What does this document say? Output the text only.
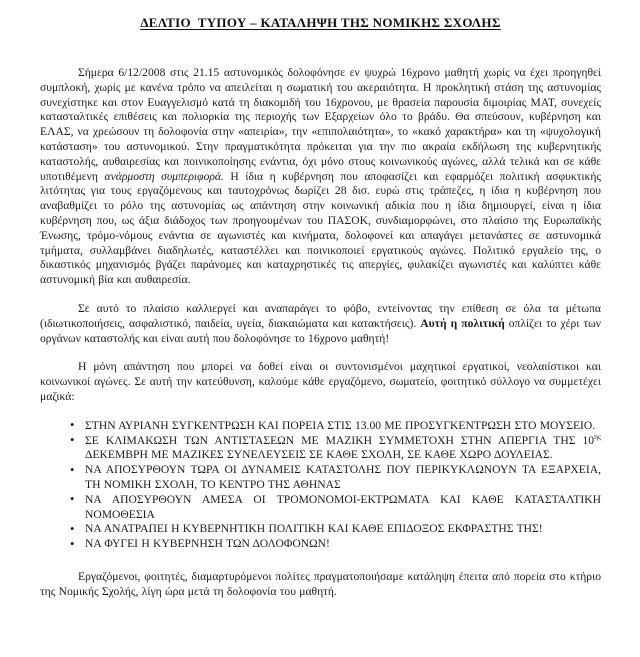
ΔΕΛΤΙΟ  ΤΥΠΟΥ – ΚΑΤΑΛΗΨΗ ΤΗΣ ΝΟΜΙΚΗΣ ΣΧΟΛΗΣ

Σήμερα 6/12/2008 στις 21.15 αστυνομικός δολοφόνησε εν ψυχρώ 16χρονο μαθητή χωρίς να έχει προηγηθεί συμπλοκή, χωρίς με κανένα τρόπο να απειλείται η σωματική του ακεραιότητα. Η προκλητική στάση της αστυνομίας συνεχίστηκε και στον Ευαγγελισμό κατά τη διακομιδή του 16χρονου, με θρασεία παρουσία διμοιρίας ΜΑΤ, συνεχείς κατασταλτικές επιθέσεις και πολιορκία της περιοχής των Εξαρχείων όλο το βράδυ. Θα σπεύσουν, κυβέρνηση και ΕΛΑΣ, να χρεώσουν τη δολοφονία στην «απειρία», την «επιπολαιότητα», το «κακό χαρακτήρα» και τη «ψυχολογική κατάσταση» του αστυνομικού. Στην πραγματικότητα πρόκειται για την πιο ακραία εκδήλωση της κυβερνητικής καταστολής, αυθαιρεσίας και ποινικοποίησης ενάντια, όχι μόνο στους κοινωνικούς αγώνες, αλλά τελικά και σε κάθε υποτιθέμενη ανάρμοστη συμπεριφορά. Η ίδια η κυβέρνηση που αποφασίζει και εφαρμόζει πολιτική ασφυκτικής λιτότητας για τους εργαζόμενους και ταυτοχρόνως δωρίζει 28 δισ. ευρώ στις τράπεζες, η ίδια η κυβέρνηση που αναβαθμίζει το ρόλο της αστυνομίας ως απάντηση στην κοινωνική αδικία που η ίδια δημιουργεί, είναι η ίδια κυβέρνηση που, ως άξια διάδοχος των προηγουμένων του ΠΑΣΟΚ, συνδιαμορφώνει, στο πλαίσιο της Ευρωπαϊκής Ένωσης, τρόμο-νόμους ενάντια σε αγωνιστές και κινήματα, δολοφονεί και απαγάγει μετανάστες σε αστυνομικά τμήματα, συλλαμβάνει διαδηλωτές, καταστέλλει και ποινικοποιεί εργατικούς αγώνες. Πολιτικό εργαλείο της, ο δικαστικός μηχανισμός βγάζει παράνομες και καταχρηστικές τις απεργίες, φυλακίζει αγωνιστές και καλύπτει κάθε αστυνομική βία και αυθαιρεσία.

Σε αυτό το πλαίσιο καλλιεργεί και αναπαράγει το φόβο, εντείνοντας την επίθεση σε όλα τα μέτωπα (ιδιωτικοποιήσεις, ασφαλιστικό, παιδεία, υγεία, διακαιώματα και κατακτήσεις). Αυτή η πολιτική οπλίζει το χέρι των οργάνων καταστολής και είναι αυτή που δολοφόνησε το 16χρονο μαθητή!

Η μόνη απάντηση που μπορεί να δοθεί είναι οι συντονισμένοι μαχητικοί εργατικοί, νεολαιίστικοι και κοινωνικοί αγώνες. Σε αυτή την κατεύθυνση, καλούμε κάθε εργαζόμενο, σωματείο, φοιτητικό σύλλογο να συμμετέχει μαζικά:

• ΣΤΗΝ ΑΥΡΙΑΝΗ ΣΥΓΚΕΝΤΡΩΣΗ ΚΑΙ ΠΟΡΕΙΑ ΣΤΙΣ 13.00 ΜΕ ΠΡΟΣΥΓΚΕΝΤΡΩΣΗ ΣΤΟ ΜΟΥΣΕΙΟ.
• ΣΕ ΚΛΙΜΑΚΩΣΗ ΤΩΝ ΑΝΤΙΣΤΑΣΕΩΝ ΜΕ ΜΑΖΙΚΗ ΣΥΜΜΕΤΟΧΗ ΣΤΗΝ ΑΠΕΡΓΙΑ ΤΗΣ $10^{\eta\varsigma}$ ΔΕΚΕΜΒΡΗ ΜΕ ΜΑΖΙΚΕΣ ΣΥΝΕΛΕΥΣΕΙΣ ΣΕ ΚΑΘΕ ΣΧΟΛΗ, ΣΕ ΚΑΘΕ ΧΩΡΟ ΔΟΥΛΕΙΑΣ.
• ΝΑ ΑΠΟΣΥΡΘΟΥΝ ΤΩΡΑ ΟΙ ΔΥΝΑΜΕΙΣ ΚΑΤΑΣΤΟΛΗΣ ΠΟΥ ΠΕΡΙΚΥΚΛΩΝΟΥΝ ΤΑ ΕΞΑΡΧΕΙΑ, ΤΗ ΝΟΜΙΚΗ ΣΧΟΛΗ, ΤΟ ΚΕΝΤΡΟ ΤΗΣ ΑΘΗΝΑΣ
• ΝΑ ΑΠΟΣΥΡΘΟΥΝ ΑΜΕΣΑ ΟΙ ΤΡΟΜΟΝΟΜΟΙ-ΕΚΤΡΩΜΑΤΑ ΚΑΙ ΚΑΘΕ ΚΑΤΑΣΤΑΛΤΙΚΗ ΝΟΜΟΘΕΣΙΑ
• ΝΑ ΑΝΑΤΡΑΠΕΙ Η ΚΥΒΕΡΝΗΤΙΚΗ ΠΟΛΙΤΙΚΗ ΚΑΙ ΚΑΘΕ ΕΠΙΔΟΞΟΣ ΕΚΦΡΑΣΤΗΣ ΤΗΣ!
• ΝΑ ΦΥΓΕΙ Η ΚΥΒΕΡΝΗΣΗ ΤΩΝ ΔΟΛΟΦΟΝΩΝ!

Εργαζόμενοι, φοιτητές, διαμαρτυρόμενοι πολίτες πραγματοποιήσαμε κατάληψη έπειτα από πορεία στο κτήριο της Νομικής Σχολής, λίγη ώρα μετά τη δολοφονία του μαθητή.
